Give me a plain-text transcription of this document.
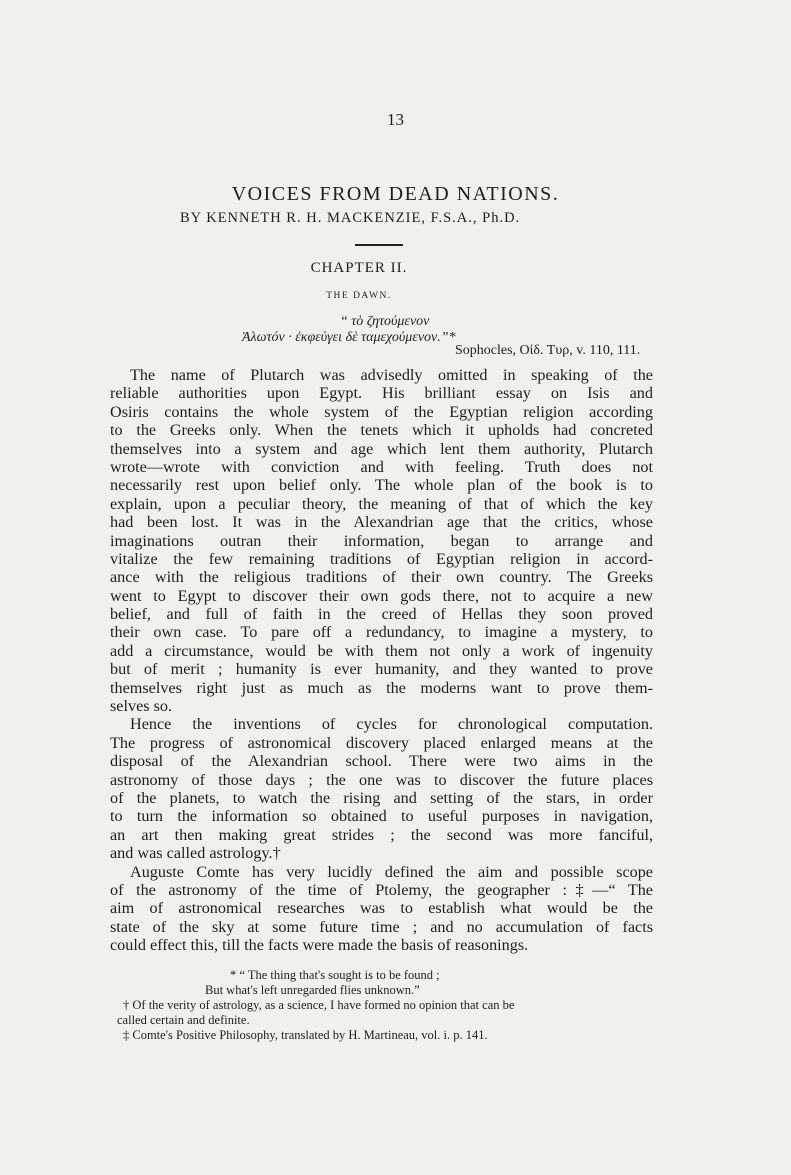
13
VOICES FROM DEAD NATIONS.
BY KENNETH R. H. MACKENZIE, F.S.A., Ph.D.
CHAPTER II.
THE DAWN.
“ τὸ ζητούμενον
Ἁλωτόν · ἐκφεύγει δὲ ταμεχούμενον.”*
Sophocles, Οἰδ. Τυρ, v. 110, 111.
The name of Plutarch was advisedly omitted in speaking of the
reliable authorities upon Egypt. His brilliant essay on Isis and
Osiris contains the whole system of the Egyptian religion according
to the Greeks only. When the tenets which it upholds had concreted
themselves into a system and age which lent them authority, Plutarch
wrote—wrote with conviction and with feeling. Truth does not
necessarily rest upon belief only. The whole plan of the book is to
explain, upon a peculiar theory, the meaning of that of which the key
had been lost. It was in the Alexandrian age that the critics, whose
imaginations outran their information, began to arrange and
vitalize the few remaining traditions of Egyptian religion in accord-
ance with the religious traditions of their own country. The Greeks
went to Egypt to discover their own gods there, not to acquire a new
belief, and full of faith in the creed of Hellas they soon proved
their own case. To pare off a redundancy, to imagine a mystery, to
add a circumstance, would be with them not only a work of ingenuity
but of merit ; humanity is ever humanity, and they wanted to prove
themselves right just as much as the moderns want to prove them-
selves so.
Hence the inventions of cycles for chronological computation.
The progress of astronomical discovery placed enlarged means at the
disposal of the Alexandrian school. There were two aims in the
astronomy of those days ; the one was to discover the future places
of the planets, to watch the rising and setting of the stars, in order
to turn the information so obtained to useful purposes in navigation,
an art then making great strides ; the second was more fanciful,
and was called astrology.†
Auguste Comte has very lucidly defined the aim and possible scope
of the astronomy of the time of Ptolemy, the geographer :‡—“ The
aim of astronomical researches was to establish what would be the
state of the sky at some future time ; and no accumulation of facts
could effect this, till the facts were made the basis of reasonings.
* “ The thing that's sought is to be found ;
But what's left unregarded flies unknown.”
† Of the verity of astrology, as a science, I have formed no opinion that can be
called certain and definite.
‡ Comte's Positive Philosophy, translated by H. Martineau, vol. i. p. 141.
